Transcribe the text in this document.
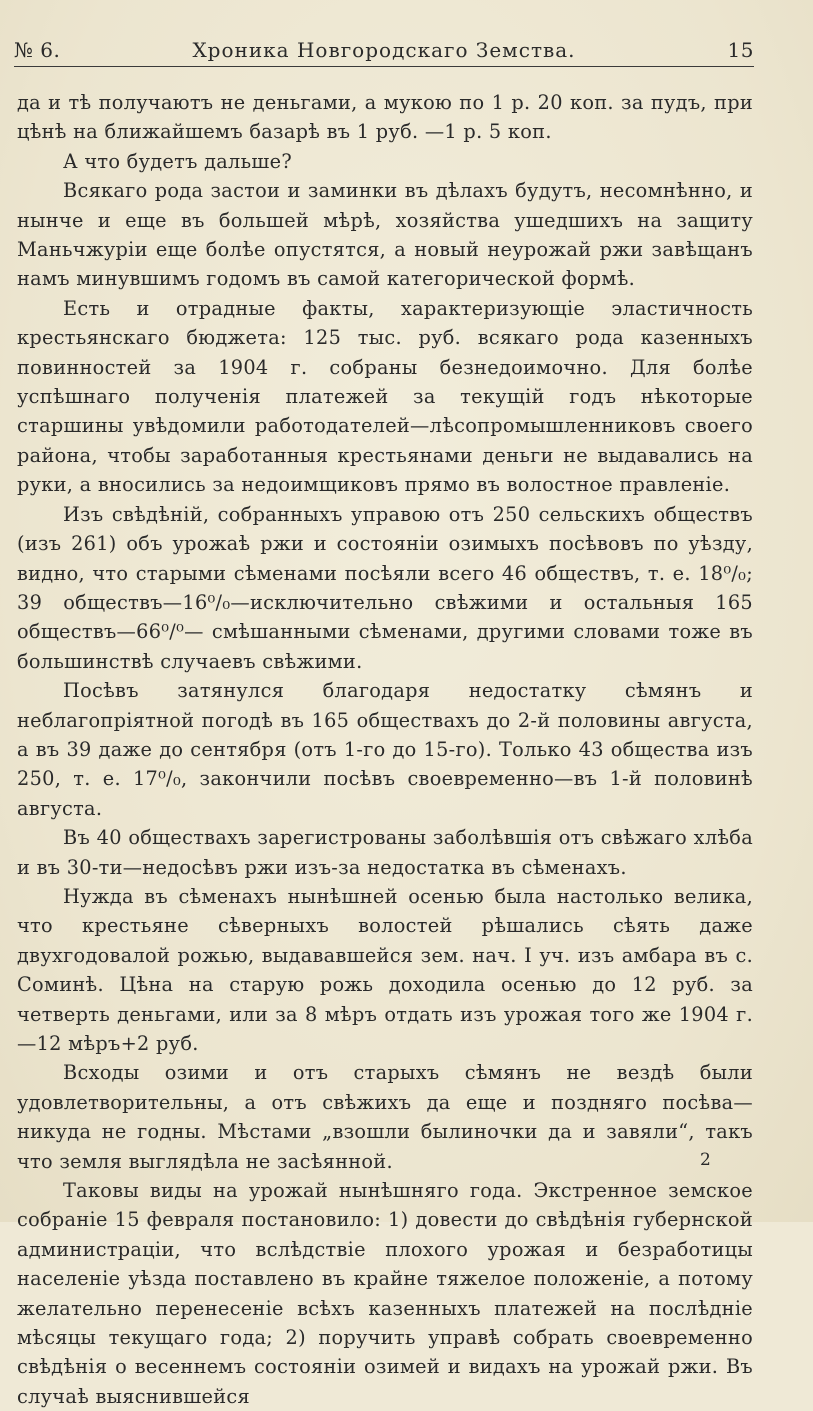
№ 6.	Хроника Новгородскаго Земства.	15

да и тѣ получаютъ не деньгами, а мукою по 1 р. 20 коп. за пудъ, при цѣнѣ на ближайшемъ базарѣ въ 1 руб. —1 р. 5 коп.

А что будетъ дальше?

Всякаго рода застои и заминки въ дѣлахъ будутъ, несомнѣнно, и нынче и еще въ большей мѣрѣ, хозяйства ушедшихъ на защиту Маньчжуріи еще болѣе опустятся, а новый неурожай ржи завѣщанъ намъ минувшимъ годомъ въ самой категорической формѣ.

Есть и отрадные факты, характеризующіе эластичность крестьянскаго бюджета: 125 тыс. руб. всякаго рода казенныхъ повинностей за 1904 г. собраны безнедоимочно. Для болѣе успѣшнаго полученія платежей за текущій годъ нѣкоторые старшины увѣдомили работодателей—лѣсопромышленниковъ своего района, чтобы заработанныя крестьянами деньги не выдавались на руки, а вносились за недоимщиковъ прямо въ волостное правленіе.

Изъ свѣдѣній, собранныхъ управою отъ 250 сельскихъ обществъ (изъ 261) объ урожаѣ ржи и состояніи озимыхъ посѣвовъ по уѣзду, видно, что старыми сѣменами посѣяли всего 46 обществъ, т. е. 18⁰/₀; 39 обществъ—16⁰/₀—исключительно свѣжими и остальныя 165 обществъ—66⁰/⁰— смѣшанными сѣменами, другими словами тоже въ большинствѣ случаевъ свѣжими.

Посѣвъ затянулся благодаря недостатку сѣмянъ и неблагопріятной погодѣ въ 165 обществахъ до 2-й половины августа, а въ 39 даже до сентября (отъ 1-го до 15-го). Только 43 общества изъ 250, т. е. 17⁰/₀, закончили посѣвъ своевременно—въ 1-й половинѣ августа.

Въ 40 обществахъ зарегистрованы заболѣвшія отъ свѣжаго хлѣба и въ 30-ти—недосѣвъ ржи изъ-за недостатка въ сѣменахъ.

Нужда въ сѣменахъ нынѣшней осенью была настолько велика, что крестьяне сѣверныхъ волостей рѣшались сѣять даже двухгодовалой рожью, выдававшейся зем. нач. I уч. изъ амбара въ с. Соминѣ. Цѣна на старую рожь доходила осенью до 12 руб. за четверть деньгами, или за 8 мѣръ отдать изъ урожая того же 1904 г.—12 мѣръ+2 руб.

Всходы озими и отъ старыхъ сѣмянъ не вездѣ были удовлетворительны, а отъ свѣжихъ да еще и поздняго посѣва—никуда не годны. Мѣстами „взошли былиночки да и завяли“, такъ что земля выглядѣла не засѣянной.

Таковы виды на урожай нынѣшняго года. Экстренное земское собраніе 15 февраля постановило: 1) довести до свѣдѣнія губернской администраціи, что вслѣдствіе плохого урожая и безработицы населеніе уѣзда поставлено въ крайне тяжелое положеніе, а потому желательно перенесеніе всѣхъ казенныхъ платежей на послѣдніе мѣсяцы текущаго года; 2) поручить управѣ собрать своевременно свѣдѣнія о весеннемъ состояніи озимей и видахъ на урожай ржи. Въ случаѣ выяснившейся

2
